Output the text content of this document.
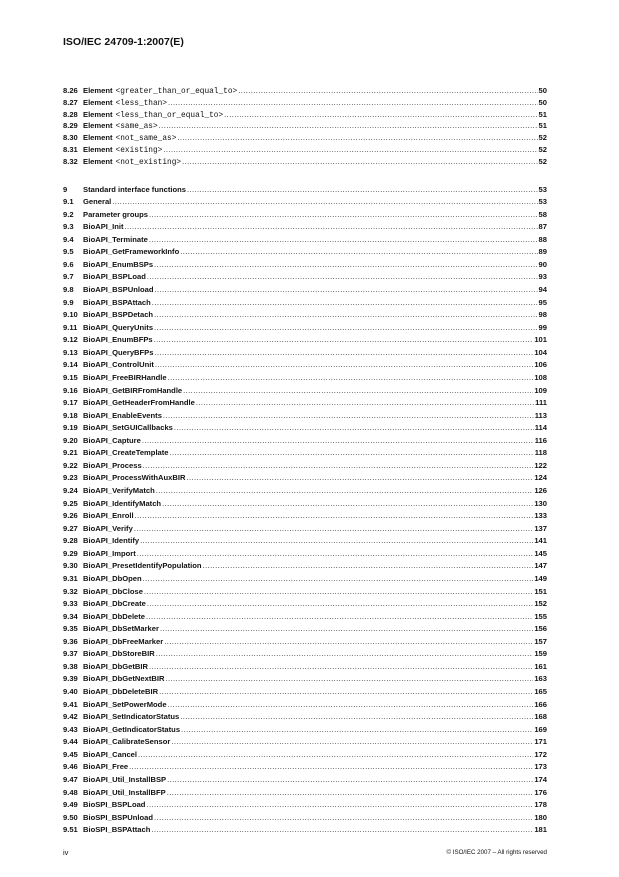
ISO/IEC 24709-1:2007(E)
8.26 Element <greater_than_or_equal_to> .....	50
8.27 Element <less_than> .....	50
8.28 Element <less_than_or_equal_to> .....	51
8.29 Element <same_as> .....	51
8.30 Element <not_same_as> .....	52
8.31 Element <existing> .....	52
8.32 Element <not_existing> .....	52
9	Standard interface functions .....	53
9.1	General .....	53
9.2	Parameter groups .....	58
9.3	BioAPI_Init .....	87
9.4	BioAPI_Terminate .....	88
9.5	BioAPI_GetFrameworkInfo .....	89
9.6	BioAPI_EnumBSPs .....	90
9.7	BioAPI_BSPLoad .....	93
9.8	BioAPI_BSPUnload .....	94
9.9	BioAPI_BSPAttach .....	95
9.10 BioAPI_BSPDetach .....	98
9.11 BioAPI_QueryUnits .....	99
9.12 BioAPI_EnumBFPs .....	101
9.13 BioAPI_QueryBFPs .....	104
9.14 BioAPI_ControlUnit .....	106
9.15 BioAPI_FreeBIRHandle .....	108
9.16 BioAPI_GetBIRFromHandle .....	109
9.17 BioAPI_GetHeaderFromHandle .....	111
9.18 BioAPI_EnableEvents .....	113
9.19 BioAPI_SetGUICallbacks .....	114
9.20 BioAPI_Capture .....	116
9.21 BioAPI_CreateTemplate .....	118
9.22 BioAPI_Process .....	122
9.23 BioAPI_ProcessWithAuxBIR .....	124
9.24 BioAPI_VerifyMatch .....	126
9.25 BioAPI_IdentifyMatch .....	130
9.26 BioAPI_Enroll .....	133
9.27 BioAPI_Verify .....	137
9.28 BioAPI_Identify .....	141
9.29 BioAPI_Import .....	145
9.30 BioAPI_PresetIdentifyPopulation .....	147
9.31 BioAPI_DbOpen .....	149
9.32 BioAPI_DbClose .....	151
9.33 BioAPI_DbCreate .....	152
9.34 BioAPI_DbDelete .....	155
9.35 BioAPI_DbSetMarker .....	156
9.36 BioAPI_DbFreeMarker .....	157
9.37 BioAPI_DbStoreBIR .....	159
9.38 BioAPI_DbGetBIR .....	161
9.39 BioAPI_DbGetNextBIR .....	163
9.40 BioAPI_DbDeleteBIR .....	165
9.41 BioAPI_SetPowerMode .....	166
9.42 BioAPI_SetIndicatorStatus .....	168
9.43 BioAPI_GetIndicatorStatus .....	169
9.44 BioAPI_CalibrateSensor .....	171
9.45 BioAPI_Cancel .....	172
9.46 BioAPI_Free .....	173
9.47 BioAPI_Util_InstallBSP .....	174
9.48 BioAPI_Util_InstallBFP .....	176
9.49 BioSPI_BSPLoad .....	178
9.50 BioSPI_BSPUnload .....	180
9.51 BioSPI_BSPAttach .....	181
iv	© ISO/IEC 2007 – All rights reserved
